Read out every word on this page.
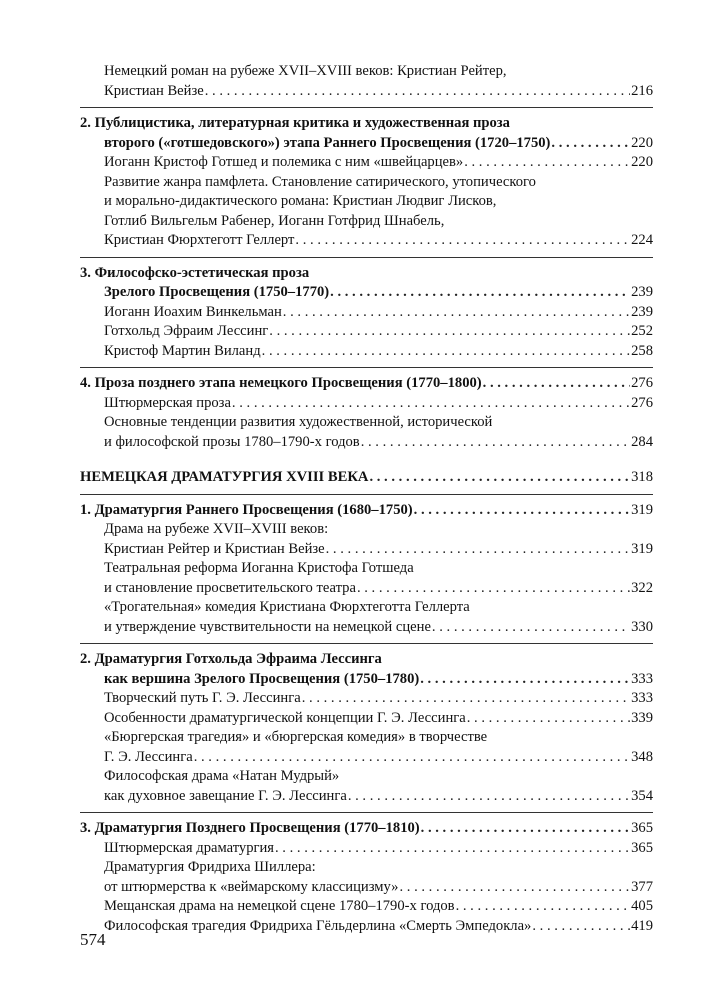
Немецкий роман на рубеже XVII–XVIII веков: Кристиан Рейтер,
Кристиан Вейзе . . .	216
2. Публицистика, литературная критика и художественная проза
второго («готшедовского») этапа Раннего Просвещения (1720–1750) . . .	220
Иоганн Кристоф Готшед и полемика с ним «швейцарцев» . . .	220
Развитие жанра памфлета. Становление сатирического, утопического
и морально-дидактического романа: Кристиан Людвиг Лисков,
Готлиб Вильгельм Рабенер, Иоганн Готфрид Шнабель,
Кристиан Фюрхтеготт Геллерт . . .	224
3. Философско-эстетическая проза
Зрелого Просвещения (1750–1770) . . .	239
Иоганн Иоахим Винкельман . . .	239
Готхольд Эфраим Лессинг . . .	252
Кристоф Мартин Виланд . . .	258
4. Проза позднего этапа немецкого Просвещения (1770–1800) . . .	276
Штюрмерская проза . . .	276
Основные тенденции развития художественной, исторической
и философской прозы 1780–1790-х годов . . .	284
НЕМЕЦКАЯ ДРАМАТУРГИЯ XVIII ВЕКА . . .	318
1. Драматургия Раннего Просвещения (1680–1750) . . .	319
Драма на рубеже XVII–XVIII веков:
Кристиан Рейтер и Кристиан Вейзе . . .	319
Театральная реформа Иоганна Кристофа Готшеда
и становление просветительского театра . . .	322
«Трогательная» комедия Кристиана Фюрхтеготта Геллерта
и утверждение чувствительности на немецкой сцене . . .	330
2. Драматургия Готхольда Эфраима Лессинга
как вершина Зрелого Просвещения (1750–1780) . . .	333
Творческий путь Г. Э. Лессинга . . .	333
Особенности драматургической концепции Г. Э. Лессинга . . .	339
«Бюргерская трагедия» и «бюргерская комедия» в творчестве
Г. Э. Лессинга . . .	348
Философская драма «Натан Мудрый»
как духовное завещание Г. Э. Лессинга . . .	354
3. Драматургия Позднего Просвещения (1770–1810) . . .	365
Штюрмерская драматургия . . .	365
Драматургия Фридриха Шиллера:
от штюрмерства к «веймарскому классицизму» . . .	377
Мещанская драма на немецкой сцене 1780–1790-х годов . . .	405
Философская трагедия Фридриха Гёльдерлина «Смерть Эмпедокла» . . .	419
574
